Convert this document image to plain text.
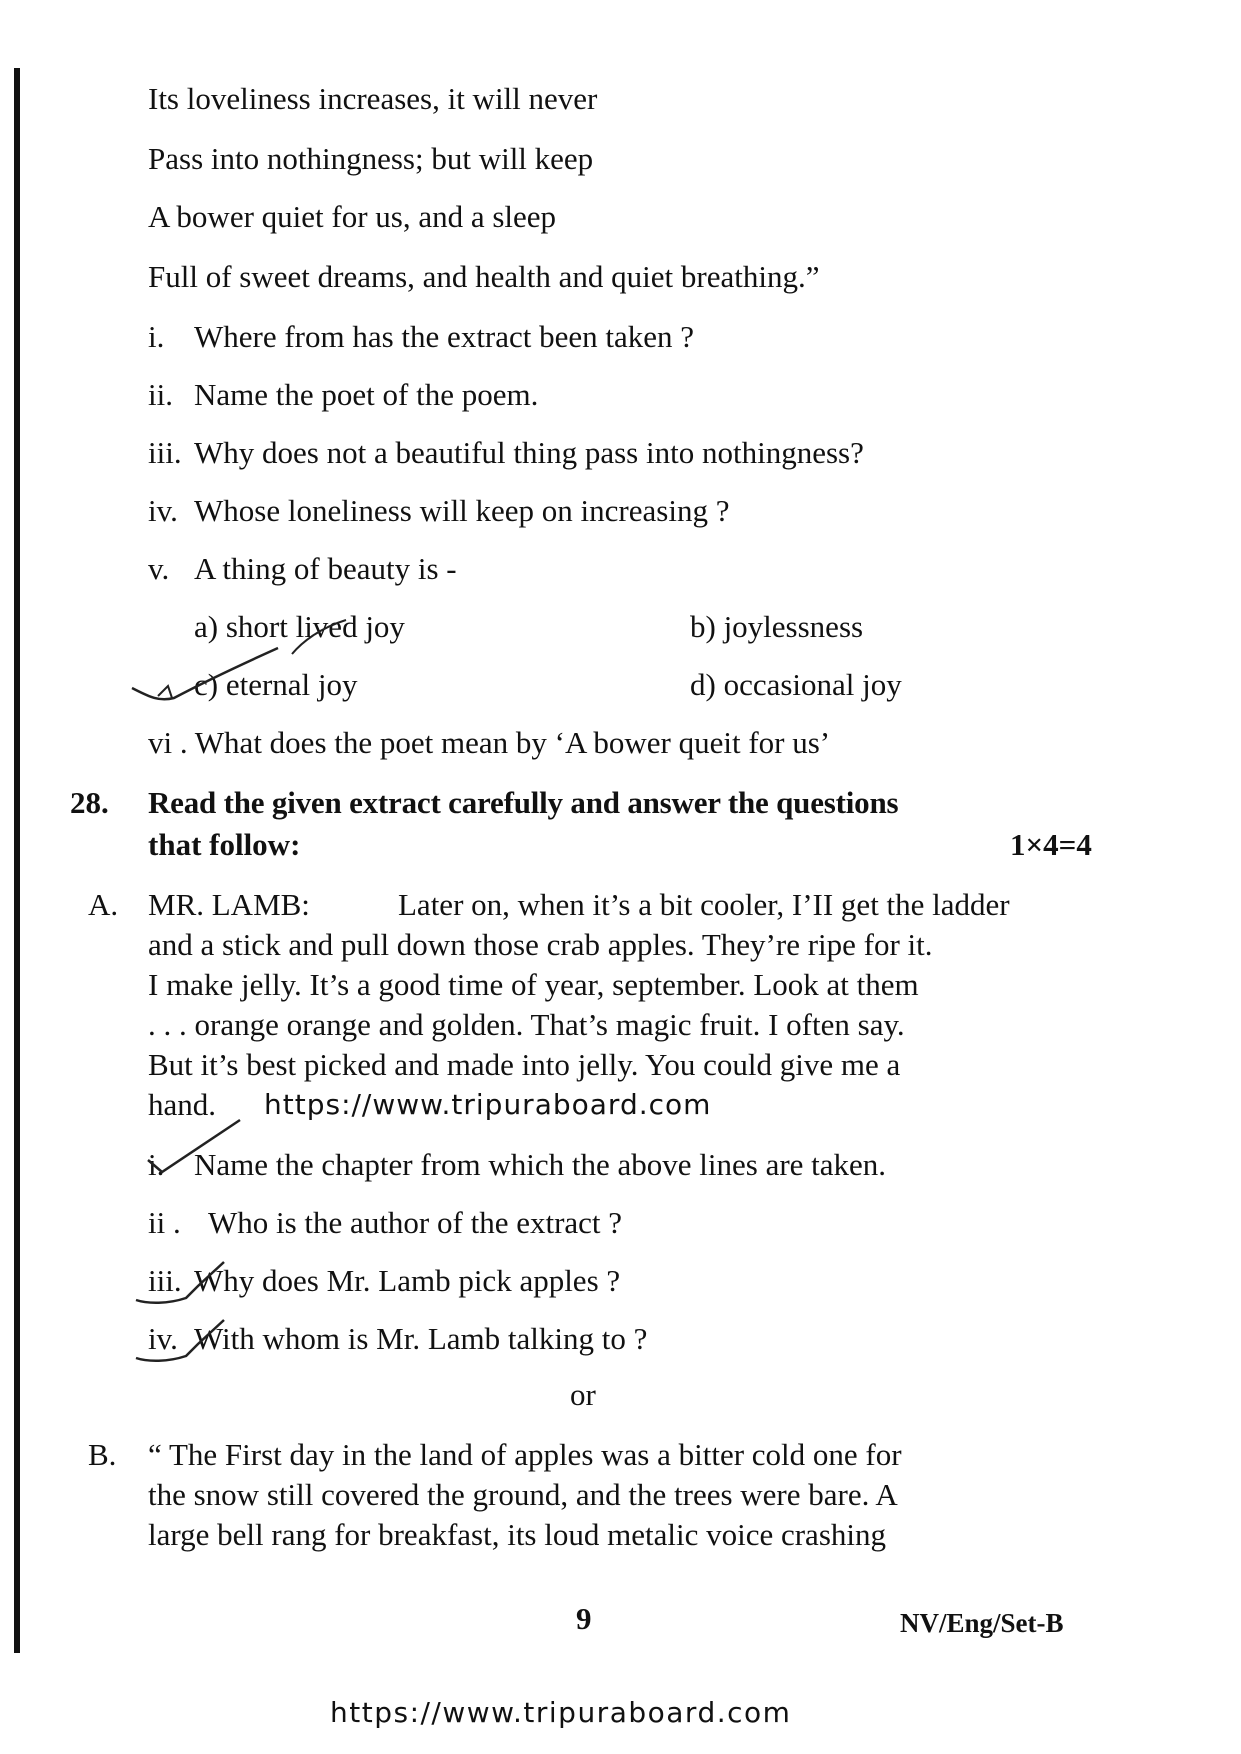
Its loveliness increases, it will never
Pass into nothingness; but will keep
A bower quiet for us, and a sleep
Full of sweet dreams, and health and quiet breathing.”
i. Where from has the extract been taken ?
ii. Name the poet of the poem.
iii. Why does not a beautiful thing pass into nothingness?
iv. Whose loneliness will keep on increasing ?
v. A thing of beauty is -
a) short lived joy	b) joylessness
c) eternal joy	d) occasional joy
vi . What does the poet mean by ‘A bower queit for us’
28. Read the given extract carefully and answer the questions
that follow:	1×4=4
A. MR. LAMB:	Later on, when it’s a bit cooler, I’II get the ladder
and a stick and pull down those crab apples. They’re ripe for it.
I make jelly. It’s a good time of year, september. Look at them
. . . orange orange and golden. That’s magic fruit. I often say.
But it’s best picked and made into jelly. You could give me a
hand. https://www.tripuraboard.com
i. Name the chapter from which the above lines are taken.
ii . Who is the author of the extract ?
iii. Why does Mr. Lamb pick apples ?
iv. With whom is Mr. Lamb talking to ?
or
B. “ The First day in the land of apples was a bitter cold one for
the snow still covered the ground, and the trees were bare. A
large bell rang for breakfast, its loud metalic voice crashing
9	NV/Eng/Set-B
https://www.tripuraboard.com
